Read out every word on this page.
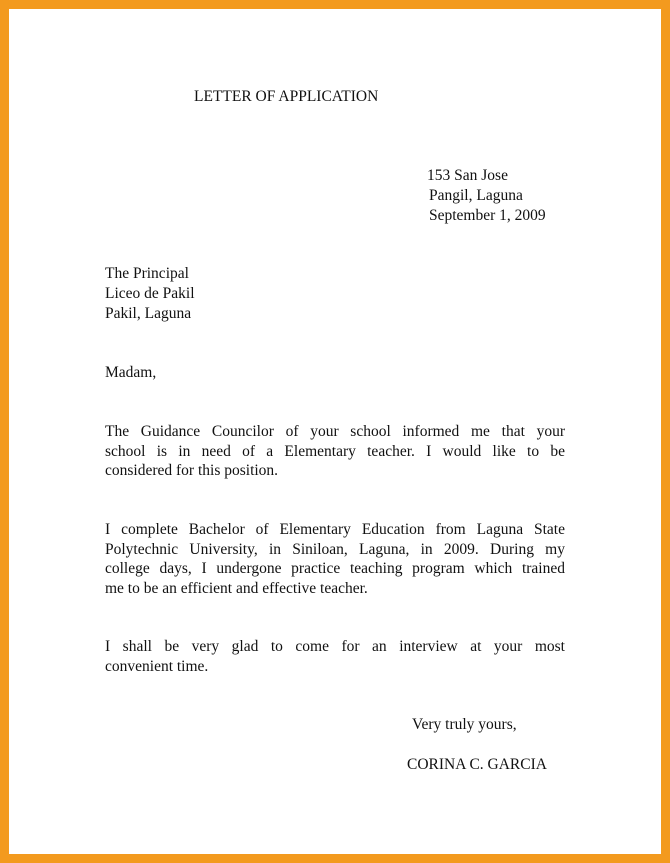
LETTER OF APPLICATION
153 San Jose
Pangil, Laguna
September 1, 2009
The Principal
Liceo de Pakil
Pakil, Laguna
Madam,
The Guidance Councilor of your school informed me that your
school is in need of a Elementary teacher. I would like to be
considered for this position.
I complete Bachelor of Elementary Education from Laguna State
Polytechnic University, in Siniloan, Laguna, in 2009. During my
college days, I undergone practice teaching program which trained
me to be an efficient and effective teacher.
I shall be very glad to come for an interview at your most
convenient time.
Very truly yours,
CORINA C. GARCIA
